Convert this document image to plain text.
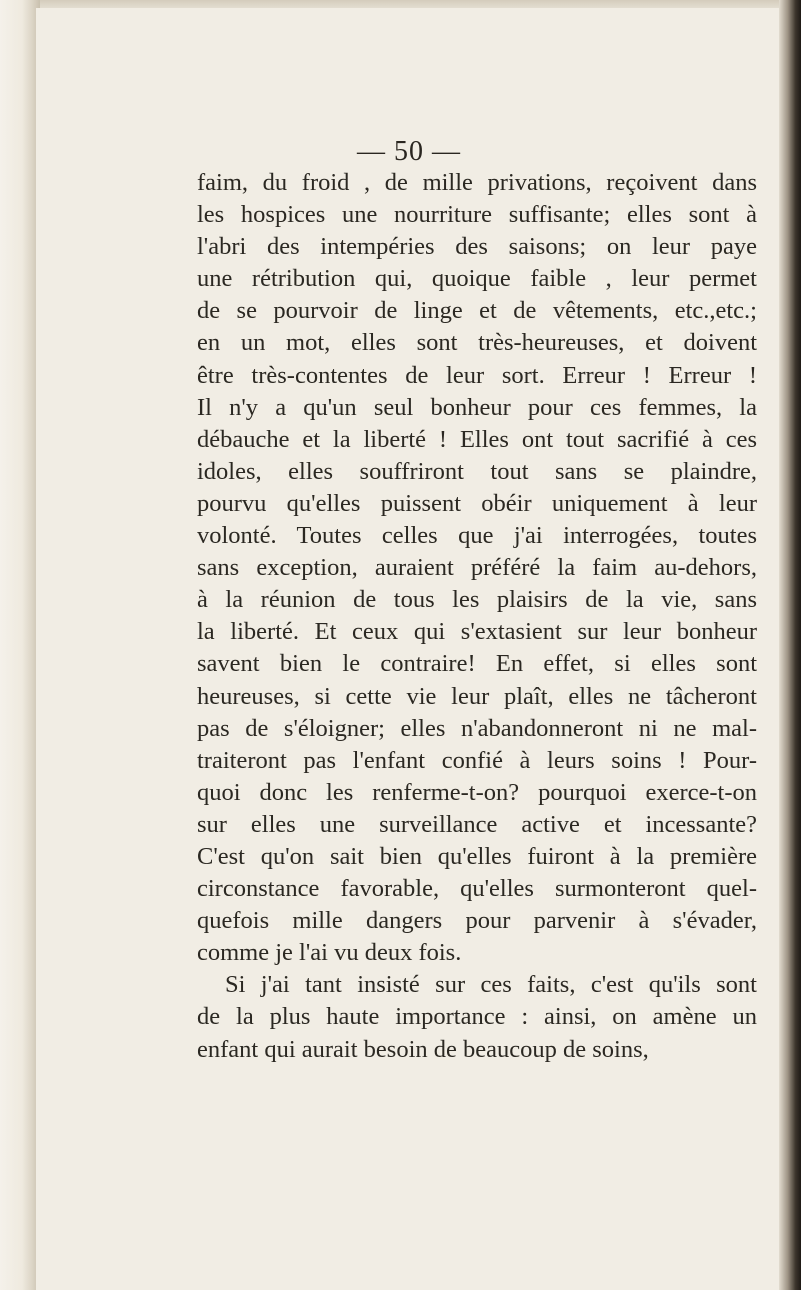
— 50 —
faim, du froid , de mille privations, reçoivent dans
les hospices une nourriture suffisante; elles sont à
l'abri des intempéries des saisons; on leur paye
une rétribution qui, quoique faible , leur permet
de se pourvoir de linge et de vêtements, etc.,etc.;
en un mot, elles sont très-heureuses, et doivent
être très-contentes de leur sort. Erreur ! Erreur !
Il n'y a qu'un seul bonheur pour ces femmes, la
débauche et la liberté ! Elles ont tout sacrifié à ces
idoles, elles souffriront tout sans se plaindre,
pourvu qu'elles puissent obéir uniquement à leur
volonté. Toutes celles que j'ai interrogées, toutes
sans exception, auraient préféré la faim au-dehors,
à la réunion de tous les plaisirs de la vie, sans
la liberté. Et ceux qui s'extasient sur leur bonheur
savent bien le contraire! En effet, si elles sont
heureuses, si cette vie leur plaît, elles ne tâcheront
pas de s'éloigner; elles n'abandonneront ni ne mal-
traiteront pas l'enfant confié à leurs soins ! Pour-
quoi donc les renferme-t-on? pourquoi exerce-t-on
sur elles une surveillance active et incessante?
C'est qu'on sait bien qu'elles fuiront à la première
circonstance favorable, qu'elles surmonteront quel-
quefois mille dangers pour parvenir à s'évader,
comme je l'ai vu deux fois.
Si j'ai tant insisté sur ces faits, c'est qu'ils sont
de la plus haute importance : ainsi, on amène un
enfant qui aurait besoin de beaucoup de soins,
